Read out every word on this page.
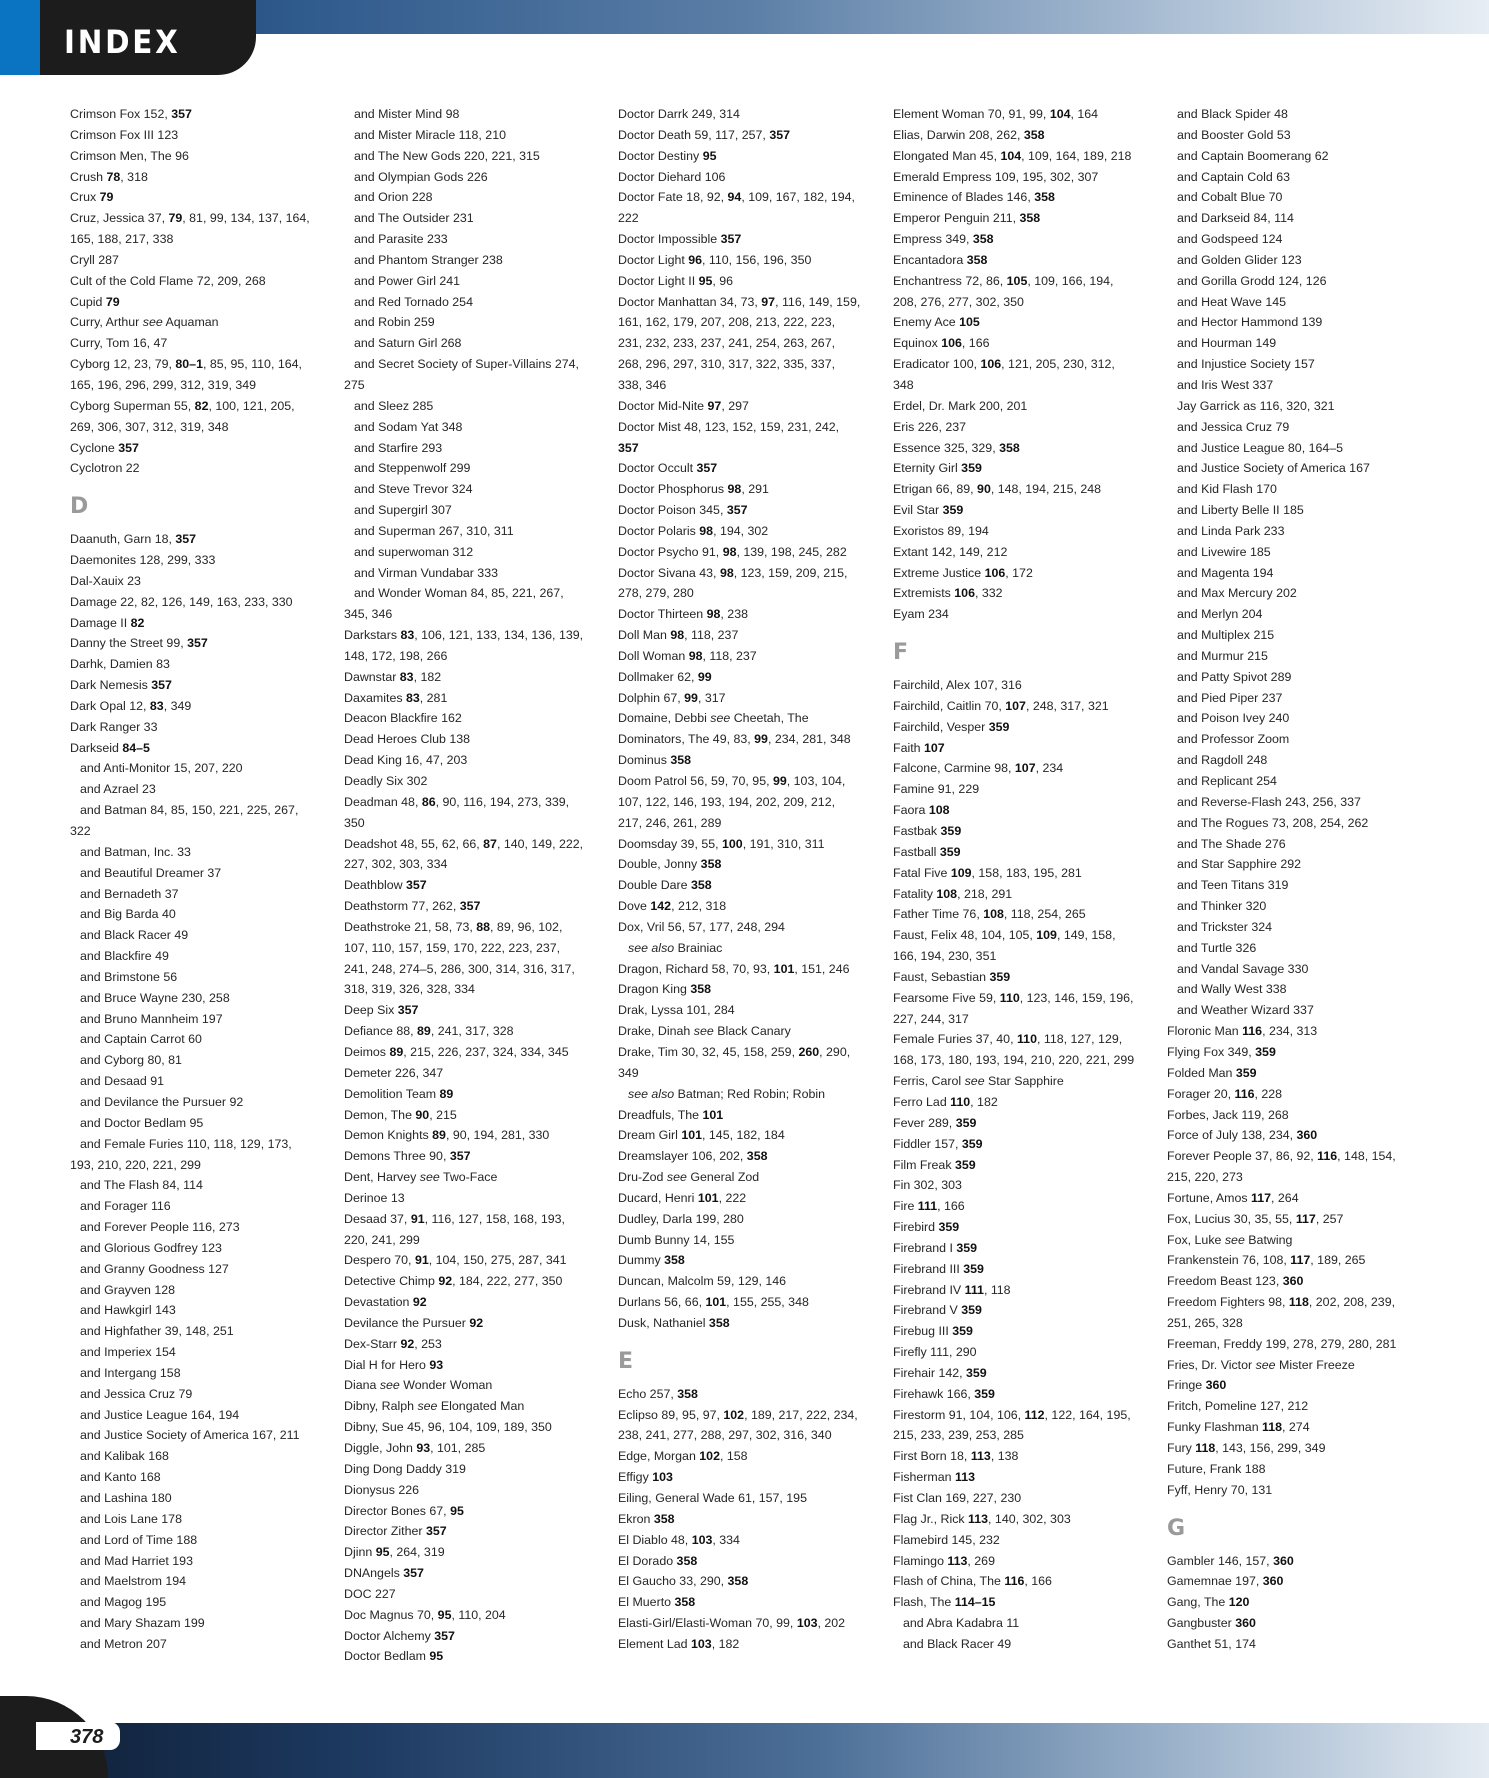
INDEX
Crimson Fox 152, 357
Crimson Fox III 123
Crimson Men, The 96
Crush 78, 318
Crux 79
Cruz, Jessica 37, 79, 81, 99, 134, 137, 164,
165, 188, 217, 338
Cryll 287
Cult of the Cold Flame 72, 209, 268
Cupid 79
Curry, Arthur see Aquaman
Curry, Tom 16, 47
Cyborg 12, 23, 79, 80–1, 85, 95, 110, 164,
165, 196, 296, 299, 312, 319, 349
Cyborg Superman 55, 82, 100, 121, 205,
269, 306, 307, 312, 319, 348
Cyclone 357
Cyclotron 22
D
Daanuth, Garn 18, 357
Daemonites 128, 299, 333
Dal-Xauix 23
Damage 22, 82, 126, 149, 163, 233, 330
Damage II 82
Danny the Street 99, 357
Darhk, Damien 83
Dark Nemesis 357
Dark Opal 12, 83, 349
Dark Ranger 33
Darkseid 84–5
and Anti-Monitor 15, 207, 220
and Azrael 23
and Batman 84, 85, 150, 221, 225, 267,
322
and Batman, Inc. 33
and Beautiful Dreamer 37
and Bernadeth 37
and Big Barda 40
and Black Racer 49
and Blackfire 49
and Brimstone 56
and Bruce Wayne 230, 258
and Bruno Mannheim 197
and Captain Carrot 60
and Cyborg 80, 81
and Desaad 91
and Devilance the Pursuer 92
and Doctor Bedlam 95
and Female Furies 110, 118, 129, 173,
193, 210, 220, 221, 299
and The Flash 84, 114
and Forager 116
and Forever People 116, 273
and Glorious Godfrey 123
and Granny Goodness 127
and Grayven 128
and Hawkgirl 143
and Highfather 39, 148, 251
and Imperiex 154
and Intergang 158
and Jessica Cruz 79
and Justice League 164, 194
and Justice Society of America 167, 211
and Kalibak 168
and Kanto 168
and Lashina 180
and Lois Lane 178
and Lord of Time 188
and Mad Harriet 193
and Maelstrom 194
and Magog 195
and Mary Shazam 199
and Metron 207
and Mister Mind 98
and Mister Miracle 118, 210
and The New Gods 220, 221, 315
and Olympian Gods 226
and Orion 228
and The Outsider 231
and Parasite 233
and Phantom Stranger 238
and Power Girl 241
and Red Tornado 254
and Robin 259
and Saturn Girl 268
and Secret Society of Super-Villains 274,
275
and Sleez 285
and Sodam Yat 348
and Starfire 293
and Steppenwolf 299
and Steve Trevor 324
and Supergirl 307
and Superman 267, 310, 311
and superwoman 312
and Virman Vundabar 333
and Wonder Woman 84, 85, 221, 267,
345, 346
Darkstars 83, 106, 121, 133, 134, 136, 139,
148, 172, 198, 266
Dawnstar 83, 182
Daxamites 83, 281
Deacon Blackfire 162
Dead Heroes Club 138
Dead King 16, 47, 203
Deadly Six 302
Deadman 48, 86, 90, 116, 194, 273, 339,
350
Deadshot 48, 55, 62, 66, 87, 140, 149, 222,
227, 302, 303, 334
Deathblow 357
Deathstorm 77, 262, 357
Deathstroke 21, 58, 73, 88, 89, 96, 102,
107, 110, 157, 159, 170, 222, 223, 237,
241, 248, 274–5, 286, 300, 314, 316, 317,
318, 319, 326, 328, 334
Deep Six 357
Defiance 88, 89, 241, 317, 328
Deimos 89, 215, 226, 237, 324, 334, 345
Demeter 226, 347
Demolition Team 89
Demon, The 90, 215
Demon Knights 89, 90, 194, 281, 330
Demons Three 90, 357
Dent, Harvey see Two-Face
Derinoe 13
Desaad 37, 91, 116, 127, 158, 168, 193,
220, 241, 299
Despero 70, 91, 104, 150, 275, 287, 341
Detective Chimp 92, 184, 222, 277, 350
Devastation 92
Devilance the Pursuer 92
Dex-Starr 92, 253
Dial H for Hero 93
Diana see Wonder Woman
Dibny, Ralph see Elongated Man
Dibny, Sue 45, 96, 104, 109, 189, 350
Diggle, John 93, 101, 285
Ding Dong Daddy 319
Dionysus 226
Director Bones 67, 95
Director Zither 357
Djinn 95, 264, 319
DNAngels 357
DOC 227
Doc Magnus 70, 95, 110, 204
Doctor Alchemy 357
Doctor Bedlam 95
Doctor Darrk 249, 314
Doctor Death 59, 117, 257, 357
Doctor Destiny 95
Doctor Diehard 106
Doctor Fate 18, 92, 94, 109, 167, 182, 194,
222
Doctor Impossible 357
Doctor Light 96, 110, 156, 196, 350
Doctor Light II 95, 96
Doctor Manhattan 34, 73, 97, 116, 149, 159,
161, 162, 179, 207, 208, 213, 222, 223,
231, 232, 233, 237, 241, 254, 263, 267,
268, 296, 297, 310, 317, 322, 335, 337,
338, 346
Doctor Mid-Nite 97, 297
Doctor Mist 48, 123, 152, 159, 231, 242,
357
Doctor Occult 357
Doctor Phosphorus 98, 291
Doctor Poison 345, 357
Doctor Polaris 98, 194, 302
Doctor Psycho 91, 98, 139, 198, 245, 282
Doctor Sivana 43, 98, 123, 159, 209, 215,
278, 279, 280
Doctor Thirteen 98, 238
Doll Man 98, 118, 237
Doll Woman 98, 118, 237
Dollmaker 62, 99
Dolphin 67, 99, 317
Domaine, Debbi see Cheetah, The
Dominators, The 49, 83, 99, 234, 281, 348
Dominus 358
Doom Patrol 56, 59, 70, 95, 99, 103, 104,
107, 122, 146, 193, 194, 202, 209, 212,
217, 246, 261, 289
Doomsday 39, 55, 100, 191, 310, 311
Double, Jonny 358
Double Dare 358
Dove 142, 212, 318
Dox, Vril 56, 57, 177, 248, 294
see also Brainiac
Dragon, Richard 58, 70, 93, 101, 151, 246
Dragon King 358
Drak, Lyssa 101, 284
Drake, Dinah see Black Canary
Drake, Tim 30, 32, 45, 158, 259, 260, 290,
349
see also Batman; Red Robin; Robin
Dreadfuls, The 101
Dream Girl 101, 145, 182, 184
Dreamslayer 106, 202, 358
Dru-Zod see General Zod
Ducard, Henri 101, 222
Dudley, Darla 199, 280
Dumb Bunny 14, 155
Dummy 358
Duncan, Malcolm 59, 129, 146
Durlans 56, 66, 101, 155, 255, 348
Dusk, Nathaniel 358
E
Echo 257, 358
Eclipso 89, 95, 97, 102, 189, 217, 222, 234,
238, 241, 277, 288, 297, 302, 316, 340
Edge, Morgan 102, 158
Effigy 103
Eiling, General Wade 61, 157, 195
Ekron 358
El Diablo 48, 103, 334
El Dorado 358
El Gaucho 33, 290, 358
El Muerto 358
Elasti-Girl/Elasti-Woman 70, 99, 103, 202
Element Lad 103, 182
Element Woman 70, 91, 99, 104, 164
Elias, Darwin 208, 262, 358
Elongated Man 45, 104, 109, 164, 189, 218
Emerald Empress 109, 195, 302, 307
Eminence of Blades 146, 358
Emperor Penguin 211, 358
Empress 349, 358
Encantadora 358
Enchantress 72, 86, 105, 109, 166, 194,
208, 276, 277, 302, 350
Enemy Ace 105
Equinox 106, 166
Eradicator 100, 106, 121, 205, 230, 312,
348
Erdel, Dr. Mark 200, 201
Eris 226, 237
Essence 325, 329, 358
Eternity Girl 359
Etrigan 66, 89, 90, 148, 194, 215, 248
Evil Star 359
Exoristos 89, 194
Extant 142, 149, 212
Extreme Justice 106, 172
Extremists 106, 332
Eyam 234
F
Fairchild, Alex 107, 316
Fairchild, Caitlin 70, 107, 248, 317, 321
Fairchild, Vesper 359
Faith 107
Falcone, Carmine 98, 107, 234
Famine 91, 229
Faora 108
Fastbak 359
Fastball 359
Fatal Five 109, 158, 183, 195, 281
Fatality 108, 218, 291
Father Time 76, 108, 118, 254, 265
Faust, Felix 48, 104, 105, 109, 149, 158,
166, 194, 230, 351
Faust, Sebastian 359
Fearsome Five 59, 110, 123, 146, 159, 196,
227, 244, 317
Female Furies 37, 40, 110, 118, 127, 129,
168, 173, 180, 193, 194, 210, 220, 221, 299
Ferris, Carol see Star Sapphire
Ferro Lad 110, 182
Fever 289, 359
Fiddler 157, 359
Film Freak 359
Fin 302, 303
Fire 111, 166
Firebird 359
Firebrand I 359
Firebrand III 359
Firebrand IV 111, 118
Firebrand V 359
Firebug III 359
Firefly 111, 290
Firehair 142, 359
Firehawk 166, 359
Firestorm 91, 104, 106, 112, 122, 164, 195,
215, 233, 239, 253, 285
First Born 18, 113, 138
Fisherman 113
Fist Clan 169, 227, 230
Flag Jr., Rick 113, 140, 302, 303
Flamebird 145, 232
Flamingo 113, 269
Flash of China, The 116, 166
Flash, The 114–15
and Abra Kadabra 11
and Black Racer 49
and Black Spider 48
and Booster Gold 53
and Captain Boomerang 62
and Captain Cold 63
and Cobalt Blue 70
and Darkseid 84, 114
and Godspeed 124
and Golden Glider 123
and Gorilla Grodd 124, 126
and Heat Wave 145
and Hector Hammond 139
and Hourman 149
and Injustice Society 157
and Iris West 337
Jay Garrick as 116, 320, 321
and Jessica Cruz 79
and Justice League 80, 164–5
and Justice Society of America 167
and Kid Flash 170
and Liberty Belle II 185
and Linda Park 233
and Livewire 185
and Magenta 194
and Max Mercury 202
and Merlyn 204
and Multiplex 215
and Murmur 215
and Patty Spivot 289
and Pied Piper 237
and Poison Ivey 240
and Professor Zoom
and Ragdoll 248
and Replicant 254
and Reverse-Flash 243, 256, 337
and The Rogues 73, 208, 254, 262
and The Shade 276
and Star Sapphire 292
and Teen Titans 319
and Thinker 320
and Trickster 324
and Turtle 326
and Vandal Savage 330
and Wally West 338
and Weather Wizard 337
Floronic Man 116, 234, 313
Flying Fox 349, 359
Folded Man 359
Forager 20, 116, 228
Forbes, Jack 119, 268
Force of July 138, 234, 360
Forever People 37, 86, 92, 116, 148, 154,
215, 220, 273
Fortune, Amos 117, 264
Fox, Lucius 30, 35, 55, 117, 257
Fox, Luke see Batwing
Frankenstein 76, 108, 117, 189, 265
Freedom Beast 123, 360
Freedom Fighters 98, 118, 202, 208, 239,
251, 265, 328
Freeman, Freddy 199, 278, 279, 280, 281
Fries, Dr. Victor see Mister Freeze
Fringe 360
Fritch, Pomeline 127, 212
Funky Flashman 118, 274
Fury 118, 143, 156, 299, 349
Future, Frank 188
Fyff, Henry 70, 131
G
Gambler 146, 157, 360
Gamemnae 197, 360
Gang, The 120
Gangbuster 360
Ganthet 51, 174
378
